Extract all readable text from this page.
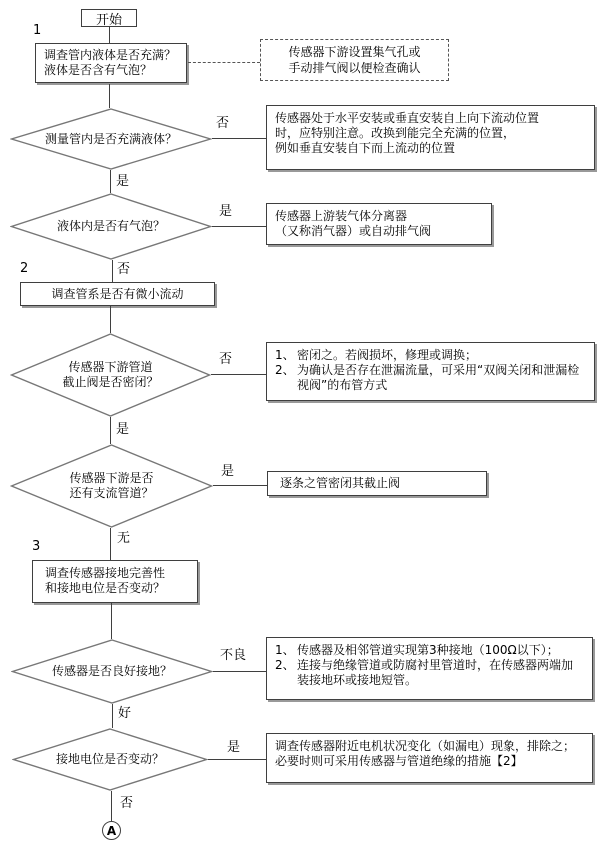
开始
1
调查管内液体是否充满？
液体是否含有气泡？
传感器下游设置集气孔或
手动排气阀以便检查确认
测量管内是否充满液体？
否	传感器处于水平安装或垂直安装自上向下流动位置
时，应特别注意。改换到能完全充满的位置，
例如垂直安装自下而上流动的位置
是
液体内是否有气泡？
是	传感器上游装气体分离器
（又称消气器）或自动排气阀
否
2
调查管系是否有微小流动
传感器下游管道
截止阀是否密闭？
否	1、 密闭之。若阀损坏，修理或调换；
2、 为确认是否存在泄漏流量，可采用“双阀关闭和泄漏检视阀”的布管方式
是
传感器下游是否
还有支流管道？
是
逐条之管密闭其截止阀
无
3
调查传感器接地完善性
和接地电位是否变动？
传感器是否良好接地？
不良 1、 传感器及相邻管道实现第3种接地（100Ω以下）；
2、 连接与绝缘管道或防腐衬里管道时，在传感器两端加装接地环或接地短管。
好
接地电位是否变动？
是	调查传感器附近电机状况变化（如漏电）现象，排除之；必要时则可采用传感器与管道绝缘的措施【2】
否
A
